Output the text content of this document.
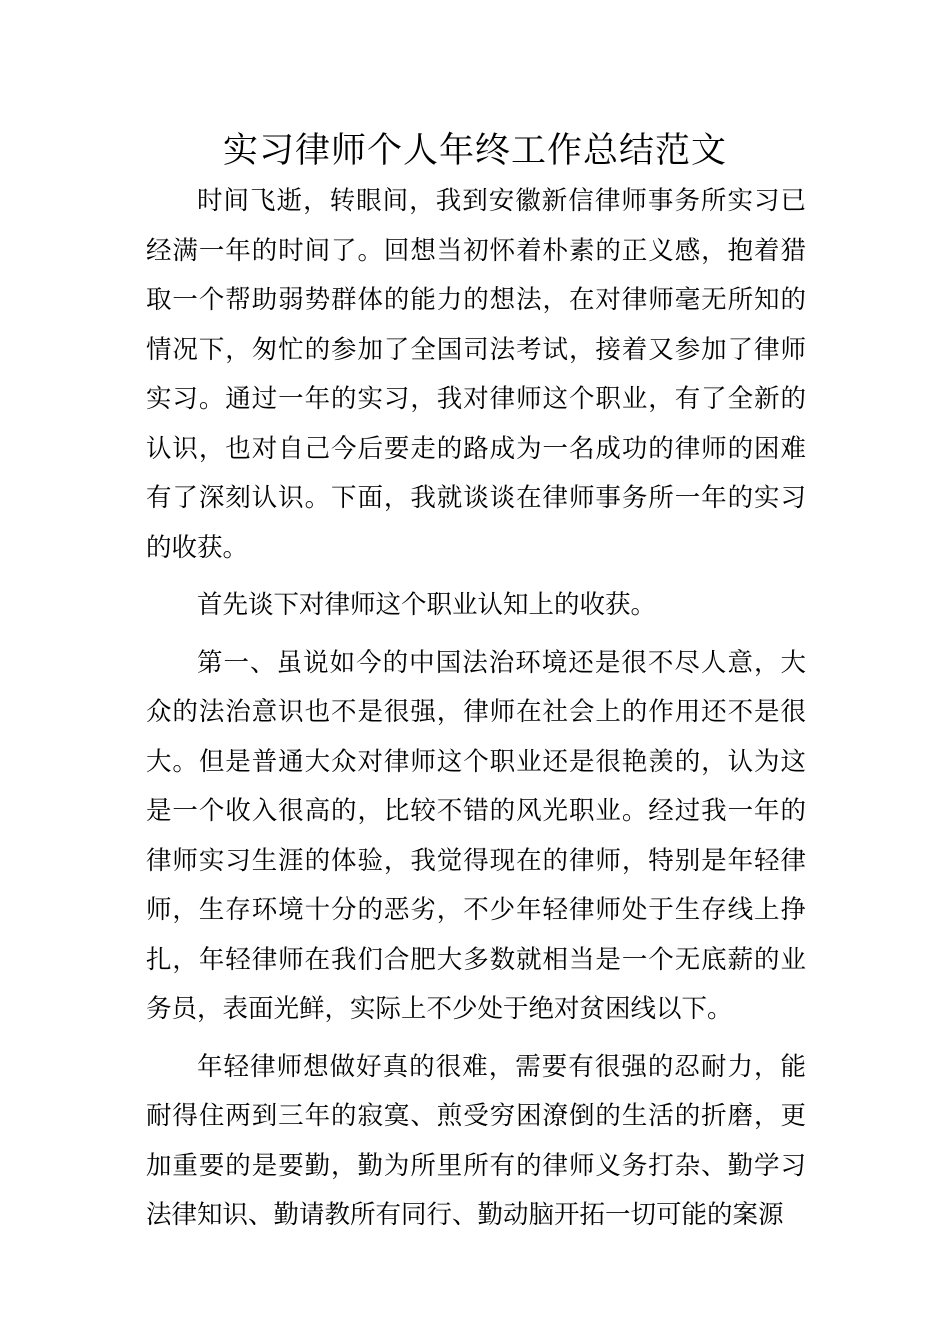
实习律师个人年终工作总结范文

时间飞逝，转眼间，我到安徽新信律师事务所实习已经满一年的时间了。回想当初怀着朴素的正义感，抱着猎取一个帮助弱势群体的能力的想法，在对律师毫无所知的情况下，匆忙的参加了全国司法考试，接着又参加了律师实习。通过一年的实习，我对律师这个职业，有了全新的认识，也对自己今后要走的路成为一名成功的律师的困难有了深刻认识。下面，我就谈谈在律师事务所一年的实习的收获。

首先谈下对律师这个职业认知上的收获。

第一、虽说如今的中国法治环境还是很不尽人意，大众的法治意识也不是很强，律师在社会上的作用还不是很大。但是普通大众对律师这个职业还是很艳羡的，认为这是一个收入很高的，比较不错的风光职业。经过我一年的律师实习生涯的体验，我觉得现在的律师，特别是年轻律师，生存环境十分的恶劣，不少年轻律师处于生存线上挣扎，年轻律师在我们合肥大多数就相当是一个无底薪的业务员，表面光鲜，实际上不少处于绝对贫困线以下。

年轻律师想做好真的很难，需要有很强的忍耐力，能耐得住两到三年的寂寞、煎受穷困潦倒的生活的折磨，更加重要的是要勤，勤为所里所有的律师义务打杂、勤学习法律知识、勤请教所有同行、勤动脑开拓一切可能的案源
